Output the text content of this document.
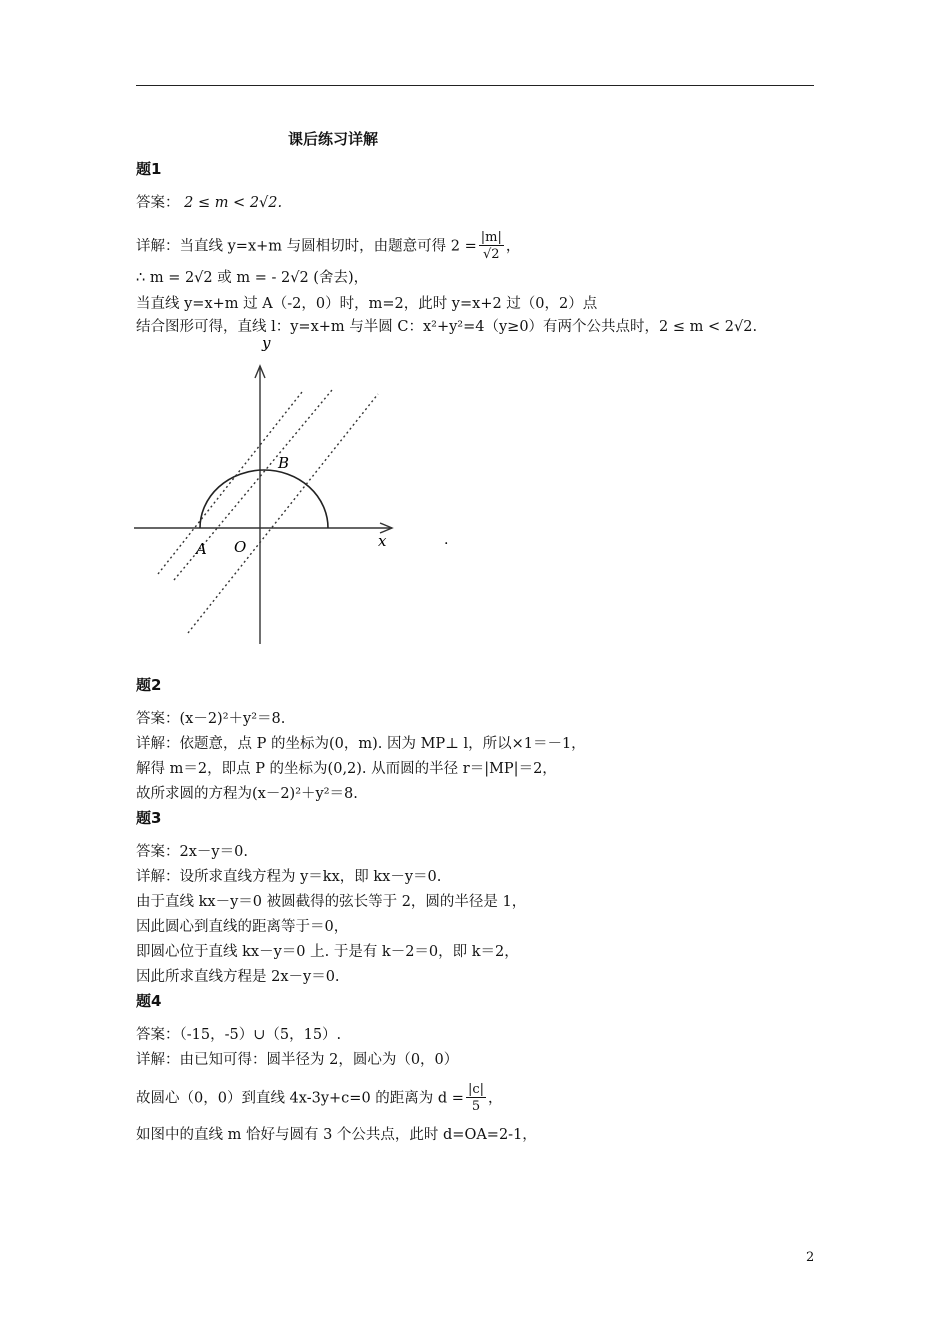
课后练习详解
题1
答案： 2 ≤ m < 2√2.
详解：当直线 y=x+m 与圆相切时，由题意可得 $2 = \frac{|m|}{√2}$ ，
∴ m = 2√2 或 m = - 2√2 (舍去)，
当直线 y=x+m 过 A（-2，0）时，m=2，此时 y=x+2 过（0，2）点
结合图形可得，直线 l：y=x+m 与半圆 C：x²+y²=4（y≥0）有两个公共点时，2 ≤ m < 2√2.
y
x
A O
B
.
题2
答案：(x－2)²＋y²＝8.
详解：依题意，点 P 的坐标为(0，m). 因为 MP⊥ l，所以×1＝－1，
解得 m＝2，即点 P 的坐标为(0,2). 从而圆的半径 r＝|MP|＝2，
故所求圆的方程为(x－2)²＋y²＝8.
题3
答案：2x－y＝0.
详解：设所求直线方程为 y＝kx，即 kx－y＝0.
由于直线 kx－y＝0 被圆截得的弦长等于 2，圆的半径是 1，
因此圆心到直线的距离等于＝0，
即圆心位于直线 kx－y＝0 上. 于是有 k－2＝0，即 k＝2，
因此所求直线方程是 2x－y＝0.
题4
答案：（-15，-5）∪（5，15）.
详解：由已知可得：圆半径为 2，圆心为（0，0）
故圆心（0，0）到直线 4x-3y+c=0 的距离为 $d = \frac{|c|}{5}$ ，
如图中的直线 m 恰好与圆有 3 个公共点，此时 d=OA=2-1，
2
